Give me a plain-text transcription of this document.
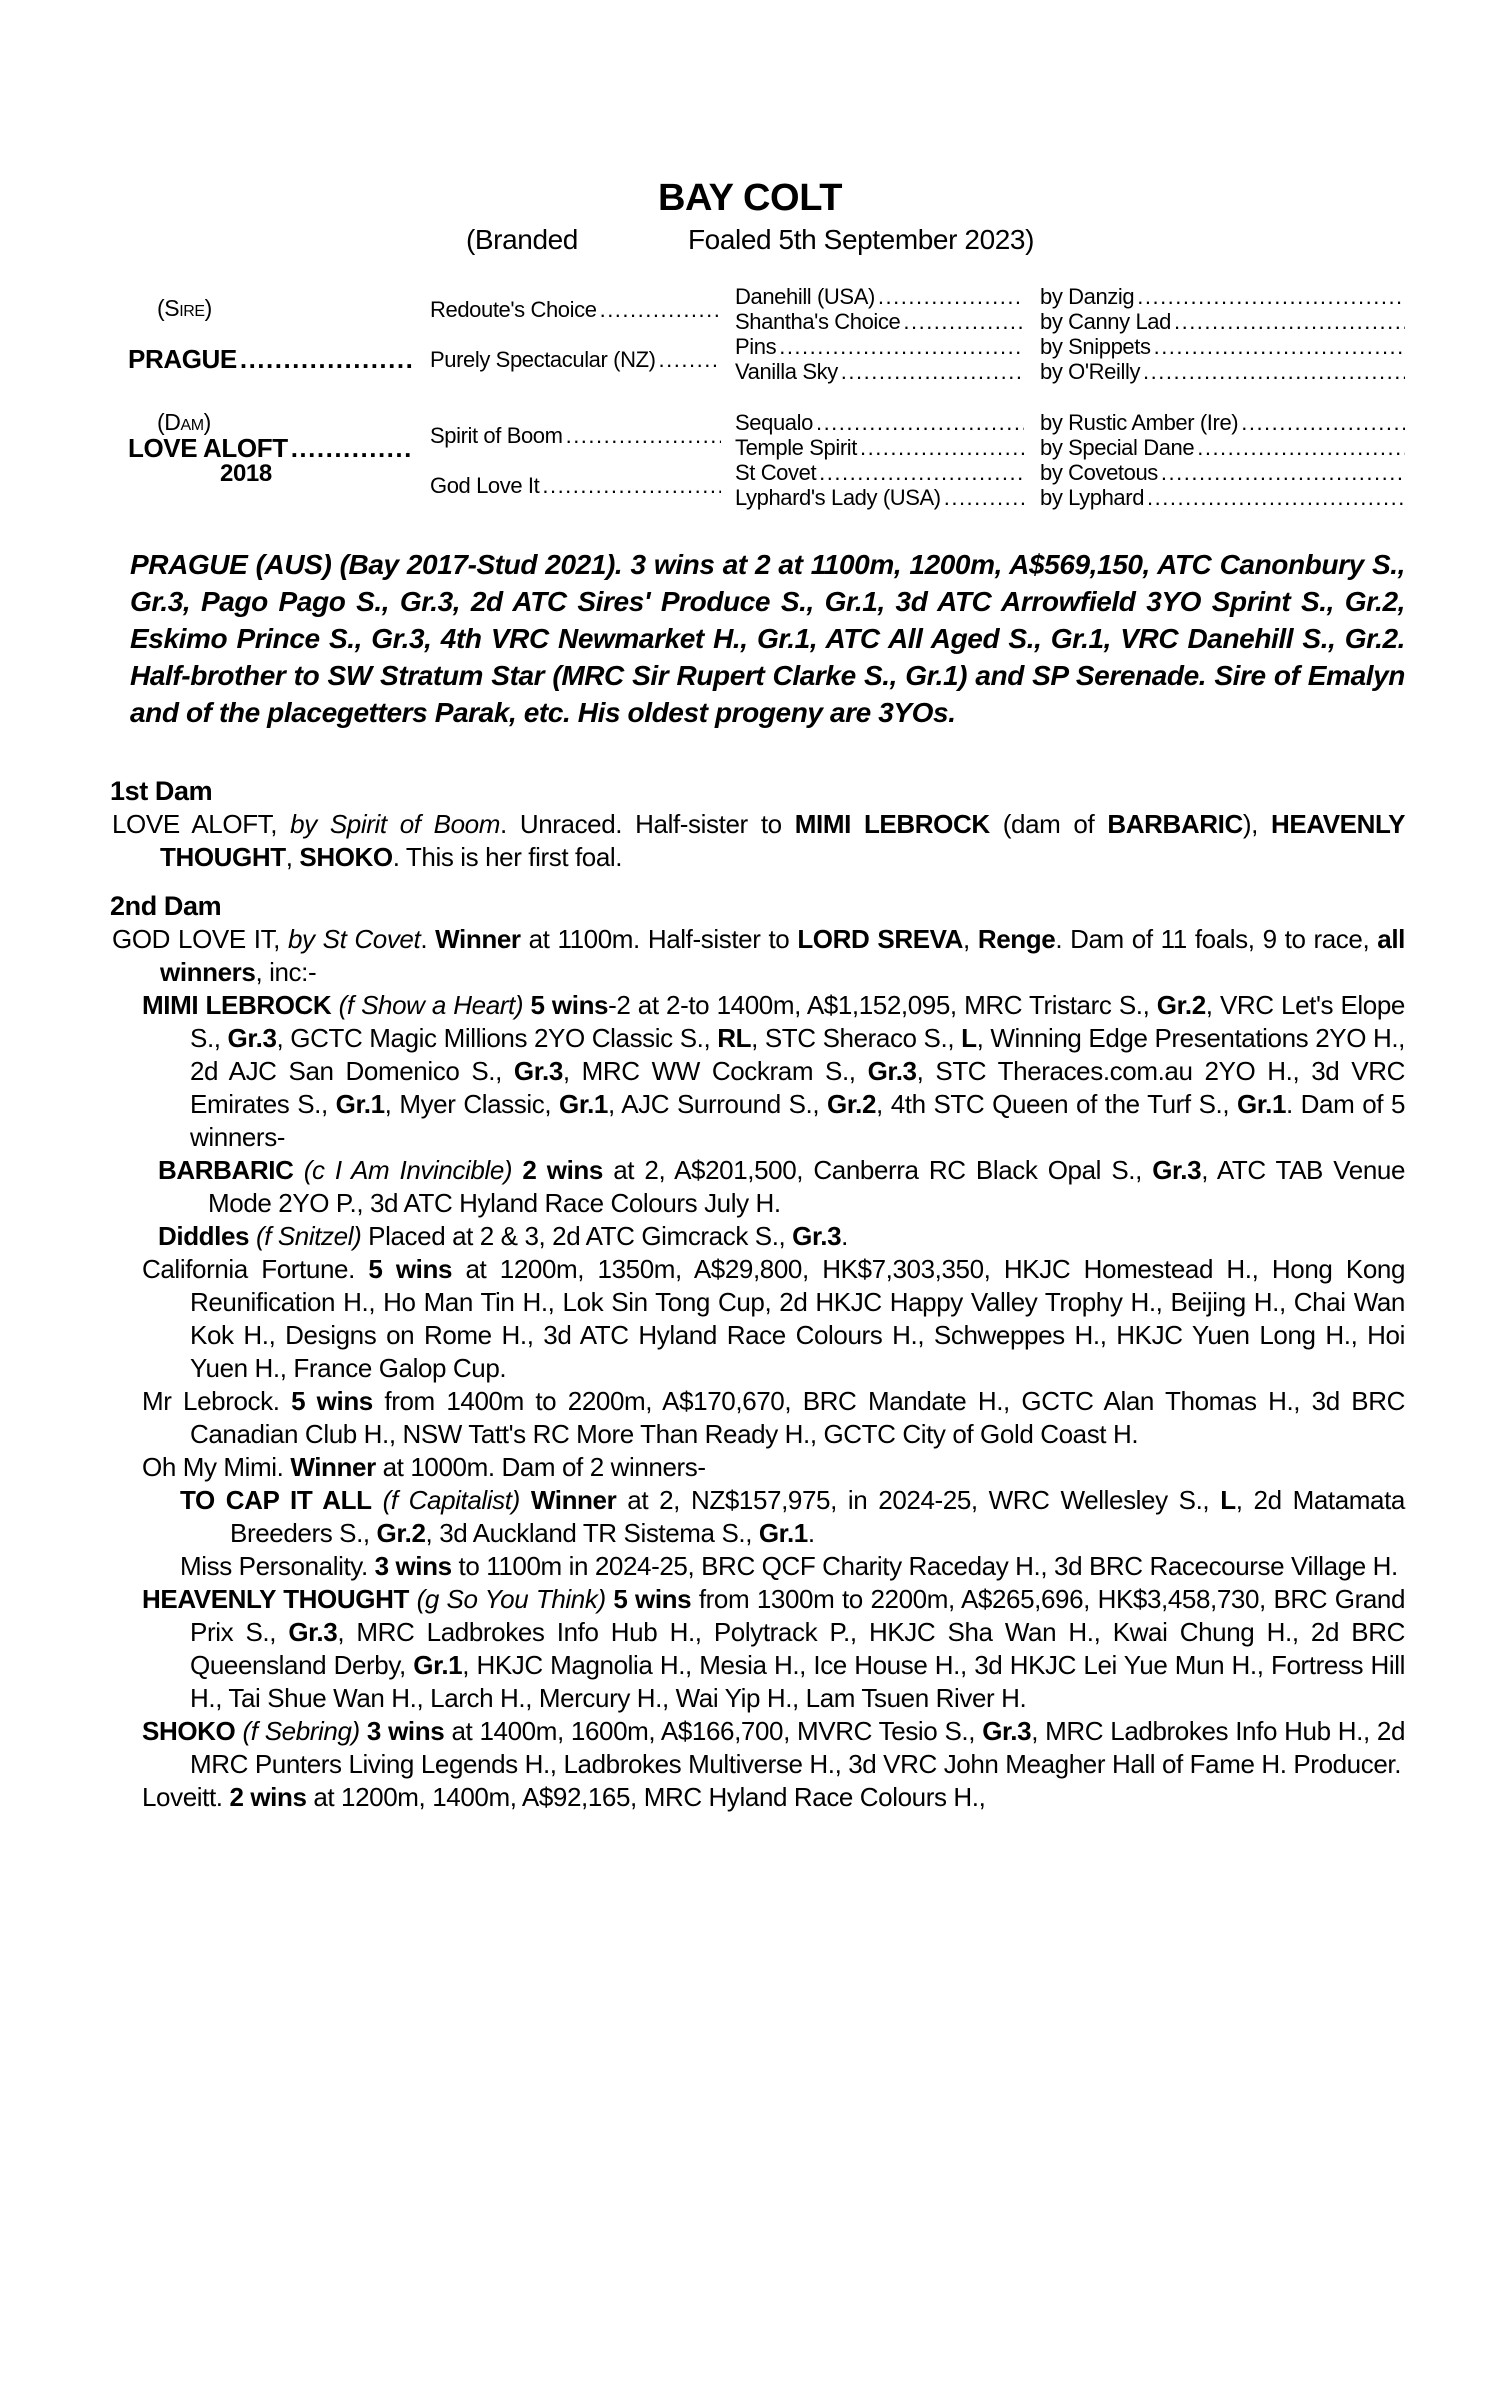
BAY COLT
(Branded	Foaled 5th September 2023)
(Sire)
PRAGUE
.....
Redoute's Choice
.....
Purely Spectacular (NZ)
.....
Danehill (USA)
.....
Shantha's Choice
.....
Pins
.....
Vanilla Sky
.....
by Danzig
.....
by Canny Lad
.....
by Snippets
.....
by O'Reilly
.....
(Dam)
LOVE ALOFT
.....
2018
Spirit of Boom
.....
God Love It
.....
Sequalo
.....
Temple Spirit
.....
St Covet
.....
Lyphard's Lady (USA)
.....
by Rustic Amber (Ire)
.....
by Special Dane
.....
by Covetous
.....
by Lyphard
.....

PRAGUE (AUS) (Bay 2017-Stud 2021). 3 wins at 2 at 1100m, 1200m, A$569,150, ATC Canonbury S., Gr.3, Pago Pago S., Gr.3, 2d ATC Sires' Produce S., Gr.1, 3d ATC Arrowfield 3YO Sprint S., Gr.2, Eskimo Prince S., Gr.3, 4th VRC Newmarket H., Gr.1, ATC All Aged S., Gr.1, VRC Danehill S., Gr.2. Half-brother to SW Stratum Star (MRC Sir Rupert Clarke S., Gr.1) and SP Serenade. Sire of Emalyn and of the placegetters Parak, etc. His oldest progeny are 3YOs.

1st Dam

LOVE ALOFT, by Spirit of Boom. Unraced. Half-sister to MIMI LEBROCK (dam of BARBARIC), HEAVENLY THOUGHT, SHOKO. This is her first foal.

2nd Dam

GOD LOVE IT, by St Covet. Winner at 1100m. Half-sister to LORD SREVA, Renge. Dam of 11 foals, 9 to race, all winners, inc:-

MIMI LEBROCK (f Show a Heart) 5 wins-2 at 2-to 1400m, A$1,152,095, MRC Tristarc S., Gr.2, VRC Let's Elope S., Gr.3, GCTC Magic Millions 2YO Classic S., RL, STC Sheraco S., L, Winning Edge Presentations 2YO H., 2d AJC San Domenico S., Gr.3, MRC WW Cockram S., Gr.3, STC Theraces.com.au 2YO H., 3d VRC Emirates S., Gr.1, Myer Classic, Gr.1, AJC Surround S., Gr.2, 4th STC Queen of the Turf S., Gr.1. Dam of 5 winners-

BARBARIC (c I Am Invincible) 2 wins at 2, A$201,500, Canberra RC Black Opal S., Gr.3, ATC TAB Venue Mode 2YO P., 3d ATC Hyland Race Colours July H.

Diddles (f Snitzel) Placed at 2 & 3, 2d ATC Gimcrack S., Gr.3.

California Fortune. 5 wins at 1200m, 1350m, A$29,800, HK$7,303,350, HKJC Homestead H., Hong Kong Reunification H., Ho Man Tin H., Lok Sin Tong Cup, 2d HKJC Happy Valley Trophy H., Beijing H., Chai Wan Kok H., Designs on Rome H., 3d ATC Hyland Race Colours H., Schweppes H., HKJC Yuen Long H., Hoi Yuen H., France Galop Cup.

Mr Lebrock. 5 wins from 1400m to 2200m, A$170,670, BRC Mandate H., GCTC Alan Thomas H., 3d BRC Canadian Club H., NSW Tatt's RC More Than Ready H., GCTC City of Gold Coast H.

Oh My Mimi. Winner at 1000m. Dam of 2 winners-

TO CAP IT ALL (f Capitalist) Winner at 2, NZ$157,975, in 2024-25, WRC Wellesley S., L, 2d Matamata Breeders S., Gr.2, 3d Auckland TR Sistema S., Gr.1.

Miss Personality. 3 wins to 1100m in 2024-25, BRC QCF Charity Raceday H., 3d BRC Racecourse Village H.

HEAVENLY THOUGHT (g So You Think) 5 wins from 1300m to 2200m, A$265,696, HK$3,458,730, BRC Grand Prix S., Gr.3, MRC Ladbrokes Info Hub H., Polytrack P., HKJC Sha Wan H., Kwai Chung H., 2d BRC Queensland Derby, Gr.1, HKJC Magnolia H., Mesia H., Ice House H., 3d HKJC Lei Yue Mun H., Fortress Hill H., Tai Shue Wan H., Larch H., Mercury H., Wai Yip H., Lam Tsuen River H.

SHOKO (f Sebring) 3 wins at 1400m, 1600m, A$166,700, MVRC Tesio S., Gr.3, MRC Ladbrokes Info Hub H., 2d MRC Punters Living Legends H., Ladbrokes Multiverse H., 3d VRC John Meagher Hall of Fame H. Producer.

Loveitt. 2 wins at 1200m, 1400m, A$92,165, MRC Hyland Race Colours H.,
